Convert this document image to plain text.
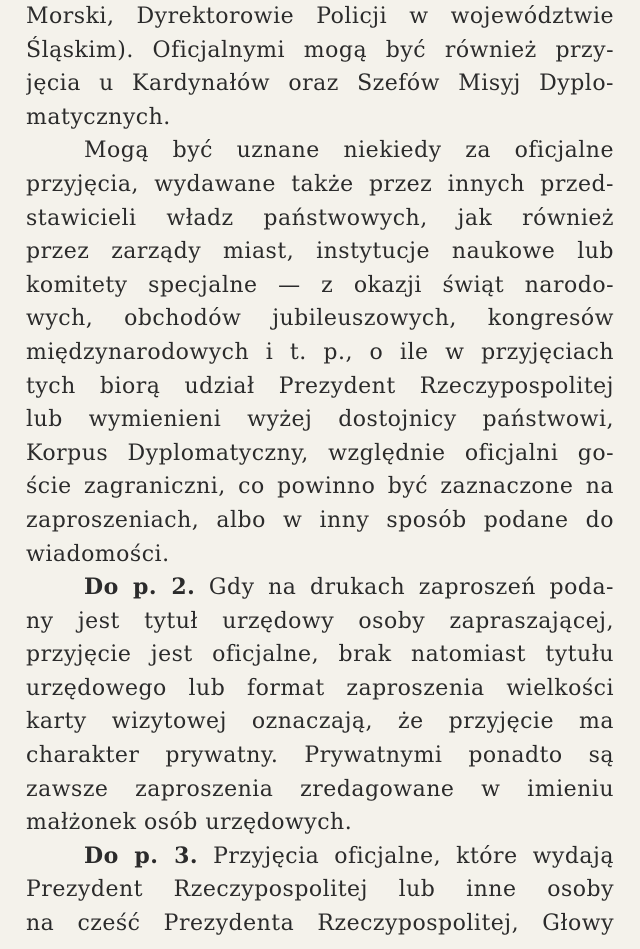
Morski, Dyrektorowie Policji w województwie
Śląskim). Oficjalnymi mogą być również przy-
jęcia u Kardynałów oraz Szefów Misyj Dyplo-
matycznych.
Mogą być uznane niekiedy za oficjalne
przyjęcia, wydawane także przez innych przed-
stawicieli władz państwowych, jak również
przez zarządy miast, instytucje naukowe lub
komitety specjalne — z okazji świąt narodo-
wych, obchodów jubileuszowych, kongresów
międzynarodowych i t. p., o ile w przyjęciach
tych biorą udział Prezydent Rzeczypospolitej
lub wymienieni wyżej dostojnicy państwowi,
Korpus Dyplomatyczny, względnie oficjalni go-
ście zagraniczni, co powinno być zaznaczone na
zaproszeniach, albo w inny sposób podane do
wiadomości.
Do p. 2. Gdy na drukach zaproszeń poda-
ny jest tytuł urzędowy osoby zapraszającej,
przyjęcie jest oficjalne, brak natomiast tytułu
urzędowego lub format zaproszenia wielkości
karty wizytowej oznaczają, że przyjęcie ma
charakter prywatny. Prywatnymi ponadto są
zawsze zaproszenia zredagowane w imieniu
małżonek osób urzędowych.
Do p. 3. Przyjęcia oficjalne, które wydają
Prezydent Rzeczypospolitej lub inne osoby
na cześć Prezydenta Rzeczypospolitej, Głowy
